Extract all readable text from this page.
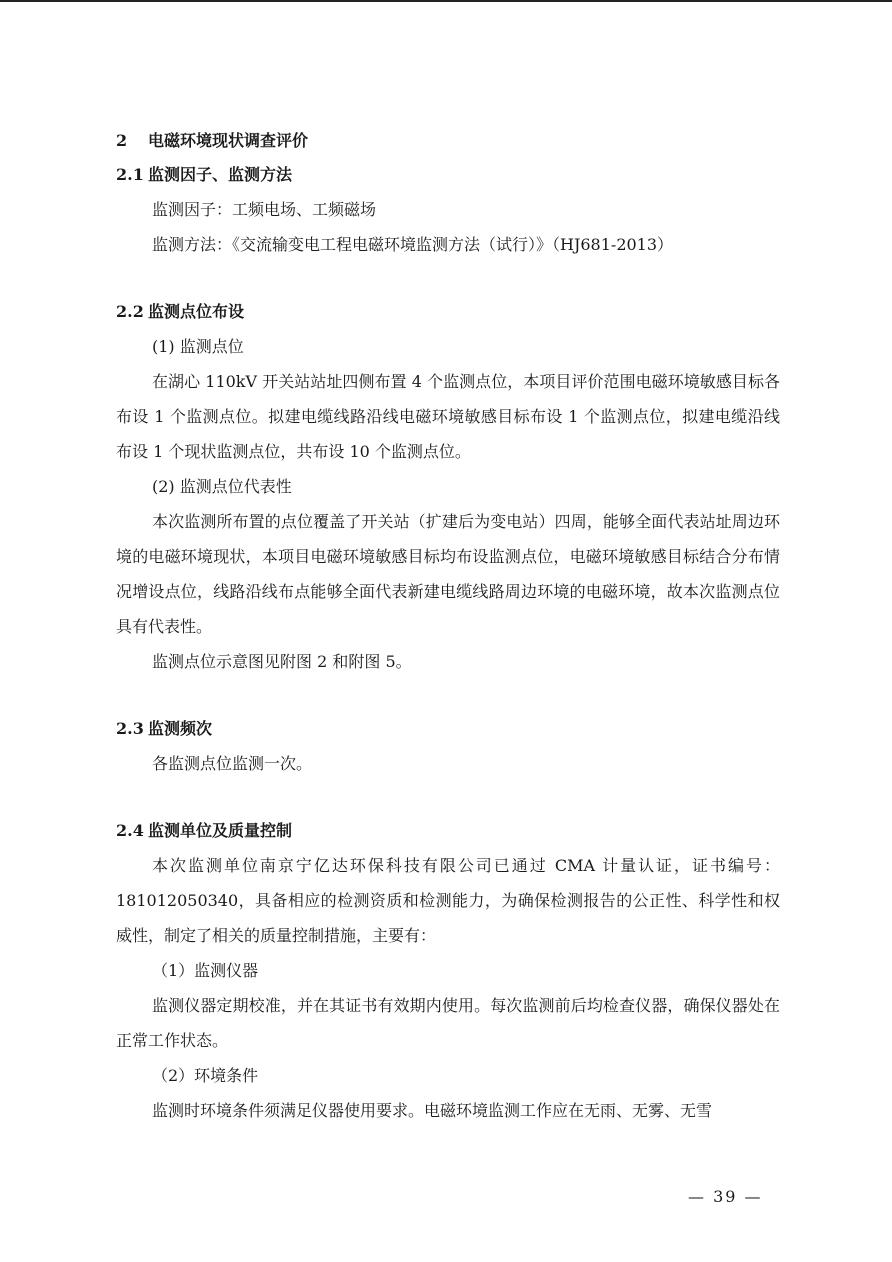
2 电磁环境现状调查评价
2.1 监测因子、监测方法

监测因子：工频电场、工频磁场

监测方法：《交流输变电工程电磁环境监测方法（试行）》（HJ681-2013）

2.2 监测点位布设

(1) 监测点位

在湖心 110kV 开关站站址四侧布置 4 个监测点位，本项目评价范围电磁环境敏感目标各布设 1 个监测点位。拟建电缆线路沿线电磁环境敏感目标布设 1 个监测点位，拟建电缆沿线布设 1 个现状监测点位，共布设 10 个监测点位。

(2) 监测点位代表性

本次监测所布置的点位覆盖了开关站（扩建后为变电站）四周，能够全面代表站址周边环境的电磁环境现状，本项目电磁环境敏感目标均布设监测点位，电磁环境敏感目标结合分布情况增设点位，线路沿线布点能够全面代表新建电缆线路周边环境的电磁环境，故本次监测点位具有代表性。

监测点位示意图见附图 2 和附图 5。

2.3 监测频次

各监测点位监测一次。

2.4 监测单位及质量控制

本次监测单位南京宁亿达环保科技有限公司已通过 CMA 计量认证，证书编号：181012050340，具备相应的检测资质和检测能力，为确保检测报告的公正性、科学性和权威性，制定了相关的质量控制措施，主要有：

（1）监测仪器

监测仪器定期校准，并在其证书有效期内使用。每次监测前后均检查仪器，确保仪器处在正常工作状态。

（2）环境条件

监测时环境条件须满足仪器使用要求。电磁环境监测工作应在无雨、无雾、无雪

— 39 —
